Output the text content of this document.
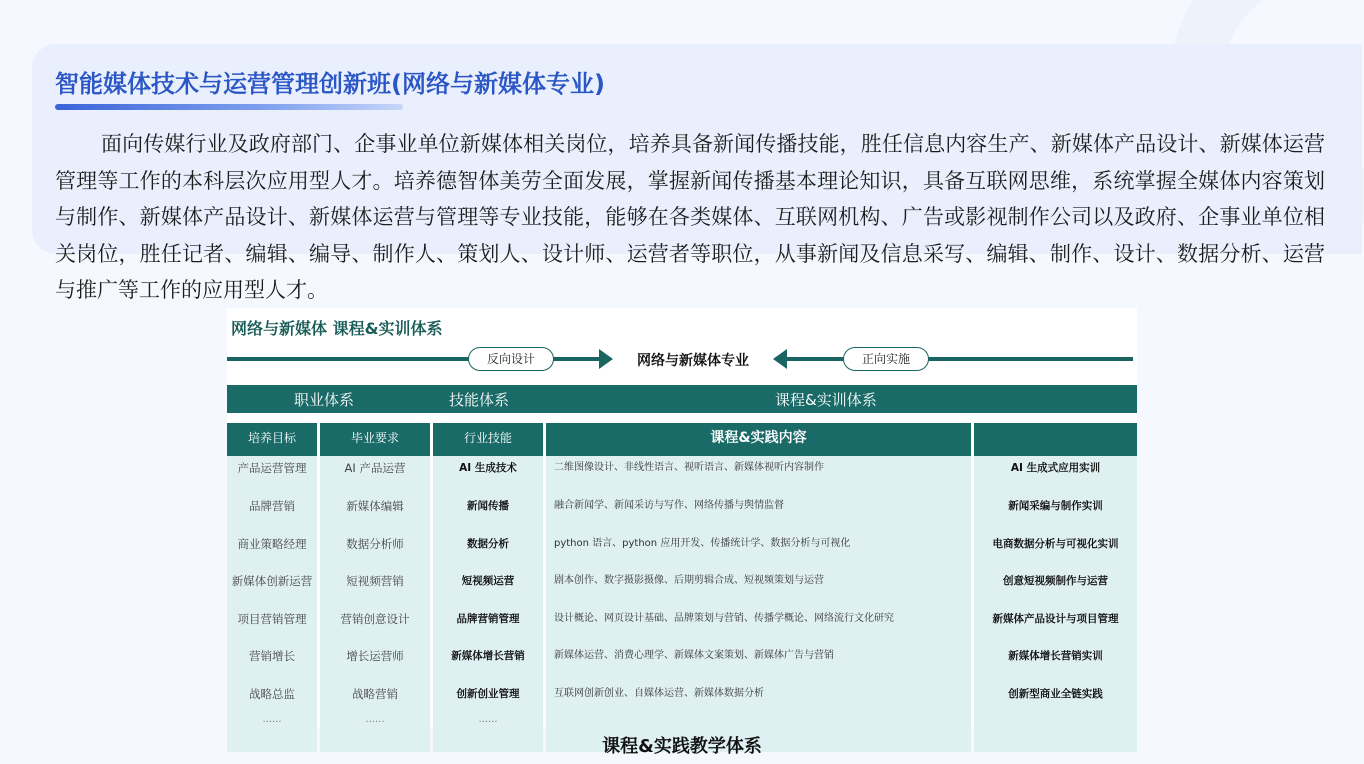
智能媒体技术与运营管理创新班(网络与新媒体专业)

面向传媒行业及政府部门、企事业单位新媒体相关岗位，培养具备新闻传播技能，胜任信息内容生产、新媒体产品设计、新媒体运营管理等工作的本科层次应用型人才。培养德智体美劳全面发展，掌握新闻传播基本理论知识，具备互联网思维，系统掌握全媒体内容策划与制作、新媒体产品设计、新媒体运营与管理等专业技能，能够在各类媒体、互联网机构、广告或影视制作公司以及政府、企事业单位相关岗位，胜任记者、编辑、编导、制作人、策划人、设计师、运营者等职位，从事新闻及信息采写、编辑、制作、设计、数据分析、运营与推广等工作的应用型人才。

网络与新媒体 课程&实训体系
反向设计	网络与新媒体专业	正向实施
职业体系	技能体系	课程&实训体系
培养目标	毕业要求	行业技能	课程&实践内容
产品运营管理	AI 产品运营	AI 生成技术	二维图像设计、非线性语言、视听语言、新媒体视听内容制作	AI 生成式应用实训
品牌营销	新媒体编辑	新闻传播	融合新闻学、新闻采访与写作、网络传播与舆情监督	新闻采编与制作实训
商业策略经理	数据分析师	数据分析	python 语言、python 应用开发、传播统计学、数据分析与可视化	电商数据分析与可视化实训
新媒体创新运营	短视频营销	短视频运营	剧本创作、数字摄影摄像、后期剪辑合成、短视频策划与运营	创意短视频制作与运营
项目营销管理	营销创意设计	品牌营销管理	设计概论、网页设计基础、品牌策划与营销、传播学概论、网络流行文化研究	新媒体产品设计与项目管理
营销增长	增长运营师	新媒体增长营销	新媒体运营、消费心理学、新媒体文案策划、新媒体广告与营销	新媒体增长营销实训
战略总监	战略营销	创新创业管理	互联网创新创业、自媒体运营、新媒体数据分析	创新型商业全链实践
......	......	......
课程&实践教学体系
